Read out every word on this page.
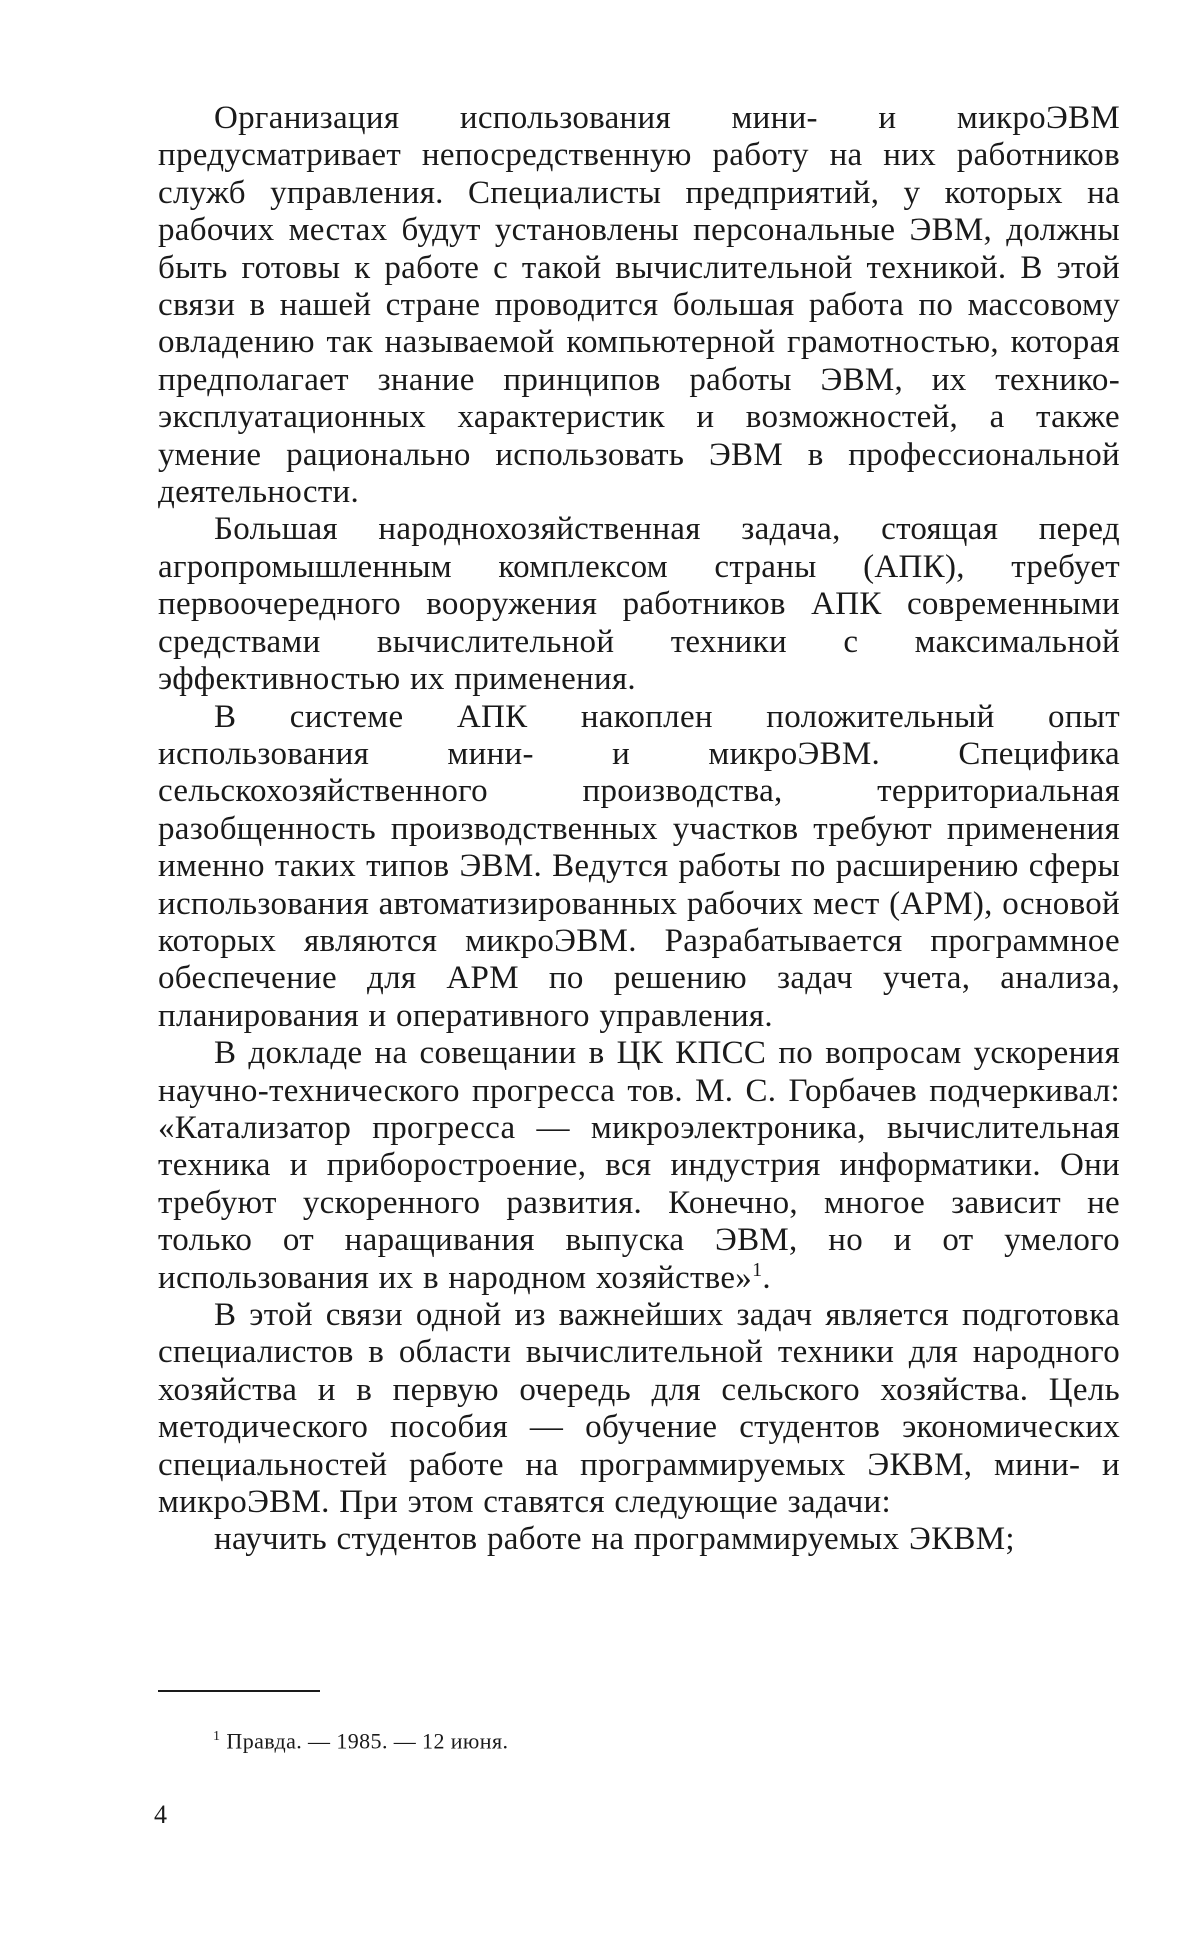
Организация использования мини- и микроЭВМ предусматривает непосредственную работу на них работников служб управления. Специалисты предприятий, у которых на рабочих местах будут установлены персональные ЭВМ, должны быть готовы к работе с такой вычислительной техникой. В этой связи в нашей стране проводится большая работа по массовому овладению так называемой компьютерной грамотностью, которая предполагает знание принципов работы ЭВМ, их технико-эксплуатационных характеристик и возможностей, а также умение рационально использовать ЭВМ в профессиональной деятельности.

Большая народнохозяйственная задача, стоящая перед агропромышленным комплексом страны (АПК), требует первоочередного вооружения работников АПК современными средствами вычислительной техники с максимальной эффективностью их применения.

В системе АПК накоплен положительный опыт использования мини- и микроЭВМ. Специфика сельскохозяйственного производства, территориальная разобщенность производственных участков требуют применения именно таких типов ЭВМ. Ведутся работы по расширению сферы использования автоматизированных рабочих мест (АРМ), основой которых являются микроЭВМ. Разрабатывается программное обеспечение для АРМ по решению задач учета, анализа, планирования и оперативного управления.

В докладе на совещании в ЦК КПСС по вопросам ускорения научно-технического прогресса тов. М. С. Горбачев подчеркивал: «Катализатор прогресса — микроэлектроника, вычислительная техника и приборостроение, вся индустрия информатики. Они требуют ускоренного развития. Конечно, многое зависит не только от наращивания выпуска ЭВМ, но и от умелого использования их в народном хозяйстве»$^1$.

В этой связи одной из важнейших задач является подготовка специалистов в области вычислительной техники для народного хозяйства и в первую очередь для сельского хозяйства. Цель методического пособия — обучение студентов экономических специальностей работе на программируемых ЭКВМ, мини- и микроЭВМ. При этом ставятся следующие задачи:

научить студентов работе на программируемых ЭКВМ;

$^1$ Правда. — 1985. — 12 июня.
4
